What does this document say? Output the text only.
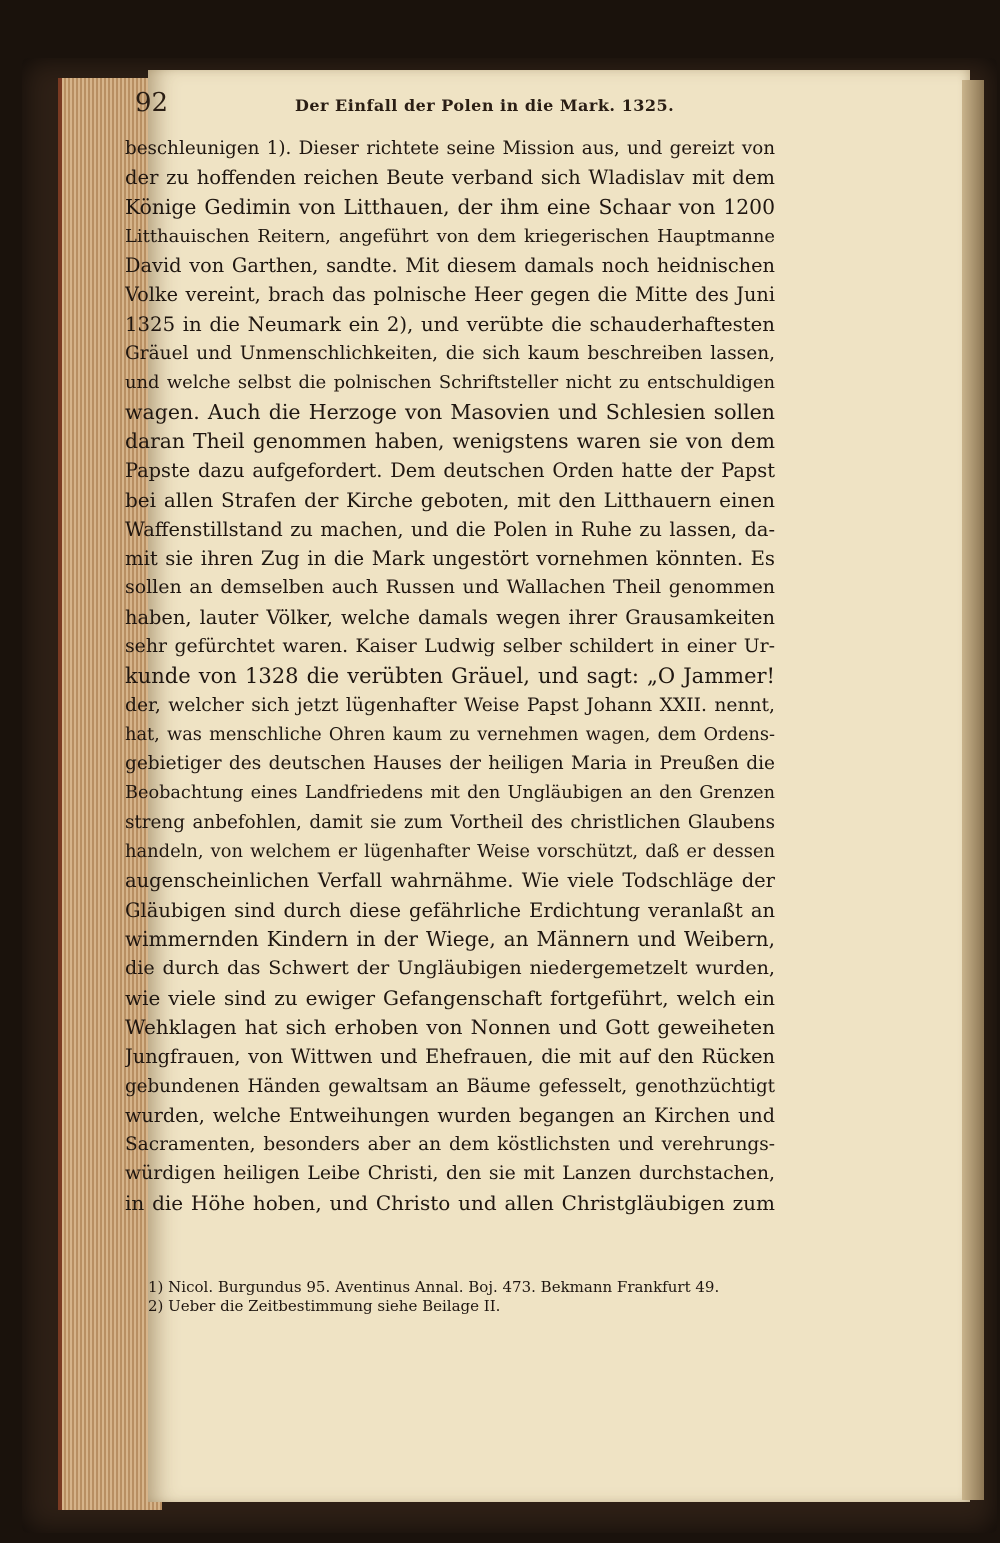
92	Der Einfall der Polen in die Mark. 1325.
beschleunigen 1). Dieser richtete seine Mission aus, und gereizt von
der zu hoffenden reichen Beute verband sich Wladislav mit dem
Könige Gedimin von Litthauen, der ihm eine Schaar von 1200
Litthauischen Reitern, angeführt von dem kriegerischen Hauptmanne
David von Garthen, sandte. Mit diesem damals noch heidnischen
Volke vereint, brach das polnische Heer gegen die Mitte des Juni
1325 in die Neumark ein 2), und verübte die schauderhaftesten
Gräuel und Unmenschlichkeiten, die sich kaum beschreiben lassen,
und welche selbst die polnischen Schriftsteller nicht zu entschuldigen
wagen. Auch die Herzoge von Masovien und Schlesien sollen
daran Theil genommen haben, wenigstens waren sie von dem
Papste dazu aufgefordert. Dem deutschen Orden hatte der Papst
bei allen Strafen der Kirche geboten, mit den Litthauern einen
Waffenstillstand zu machen, und die Polen in Ruhe zu lassen, da-
mit sie ihren Zug in die Mark ungestört vornehmen könnten. Es
sollen an demselben auch Russen und Wallachen Theil genommen
haben, lauter Völker, welche damals wegen ihrer Grausamkeiten
sehr gefürchtet waren. Kaiser Ludwig selber schildert in einer Ur-
kunde von 1328 die verübten Gräuel, und sagt: „O Jammer!
der, welcher sich jetzt lügenhafter Weise Papst Johann XXII. nennt,
hat, was menschliche Ohren kaum zu vernehmen wagen, dem Ordens-
gebietiger des deutschen Hauses der heiligen Maria in Preußen die
Beobachtung eines Landfriedens mit den Ungläubigen an den Grenzen
streng anbefohlen, damit sie zum Vortheil des christlichen Glaubens
handeln, von welchem er lügenhafter Weise vorschützt, daß er dessen
augenscheinlichen Verfall wahrnähme. Wie viele Todschläge der
Gläubigen sind durch diese gefährliche Erdichtung veranlaßt an
wimmernden Kindern in der Wiege, an Männern und Weibern,
die durch das Schwert der Ungläubigen niedergemetzelt wurden,
wie viele sind zu ewiger Gefangenschaft fortgeführt, welch ein
Wehklagen hat sich erhoben von Nonnen und Gott geweiheten
Jungfrauen, von Wittwen und Ehefrauen, die mit auf den Rücken
gebundenen Händen gewaltsam an Bäume gefesselt, genothzüchtigt
wurden, welche Entweihungen wurden begangen an Kirchen und
Sacramenten, besonders aber an dem köstlichsten und verehrungs-
würdigen heiligen Leibe Christi, den sie mit Lanzen durchstachen,
in die Höhe hoben, und Christo und allen Christgläubigen zum
1) Nicol. Burgundus 95. Aventinus Annal. Boj. 473. Bekmann Frankfurt 49.
2) Ueber die Zeitbestimmung siehe Beilage II.
